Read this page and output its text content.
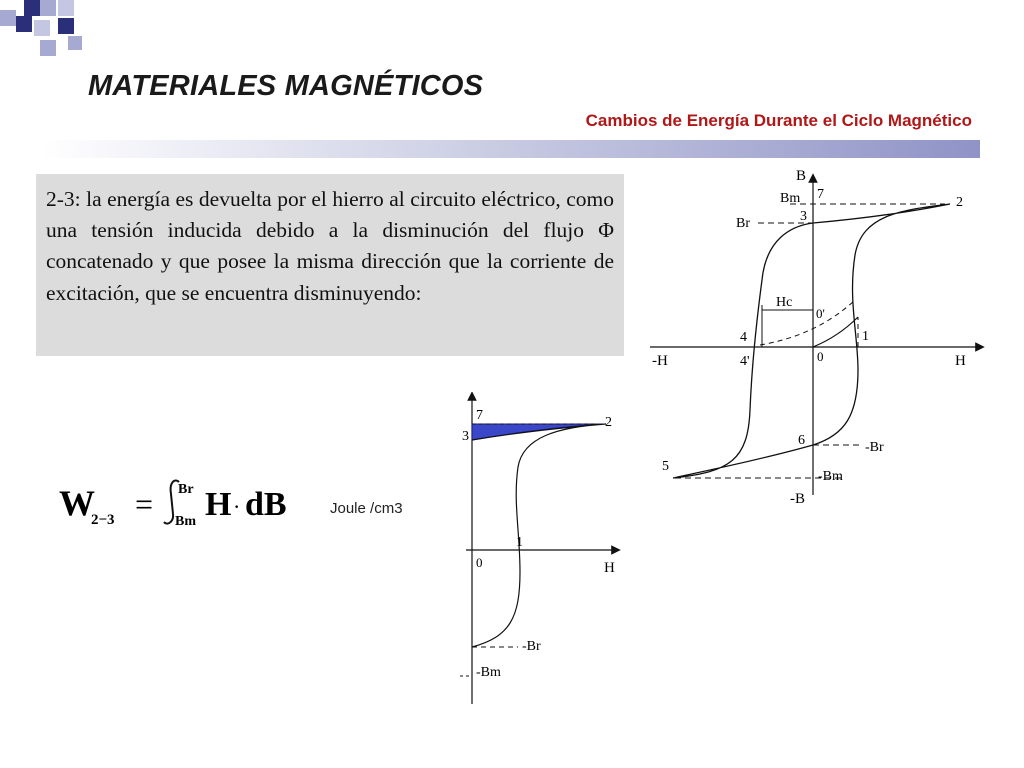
MATERIALES MAGNÉTICOS
Cambios de Energía Durante el Ciclo Magnético

2-3: la energía es devuelta por el hierro al circuito eléctrico, como una tensión inducida debido a la disminución del flujo Φ concatenado y que posee la misma dirección que la corriente de excitación, que se encuentra disminuyendo:

W
2−3 = Br
Bm H · dB	Joule /cm3
B
Bm 7
2
3
Br
Hc
0'
4	1
-H	4'	0	H
6	-Br
5
-Bm
-B
7	2
3
1
0	H
-Br
-Bm
